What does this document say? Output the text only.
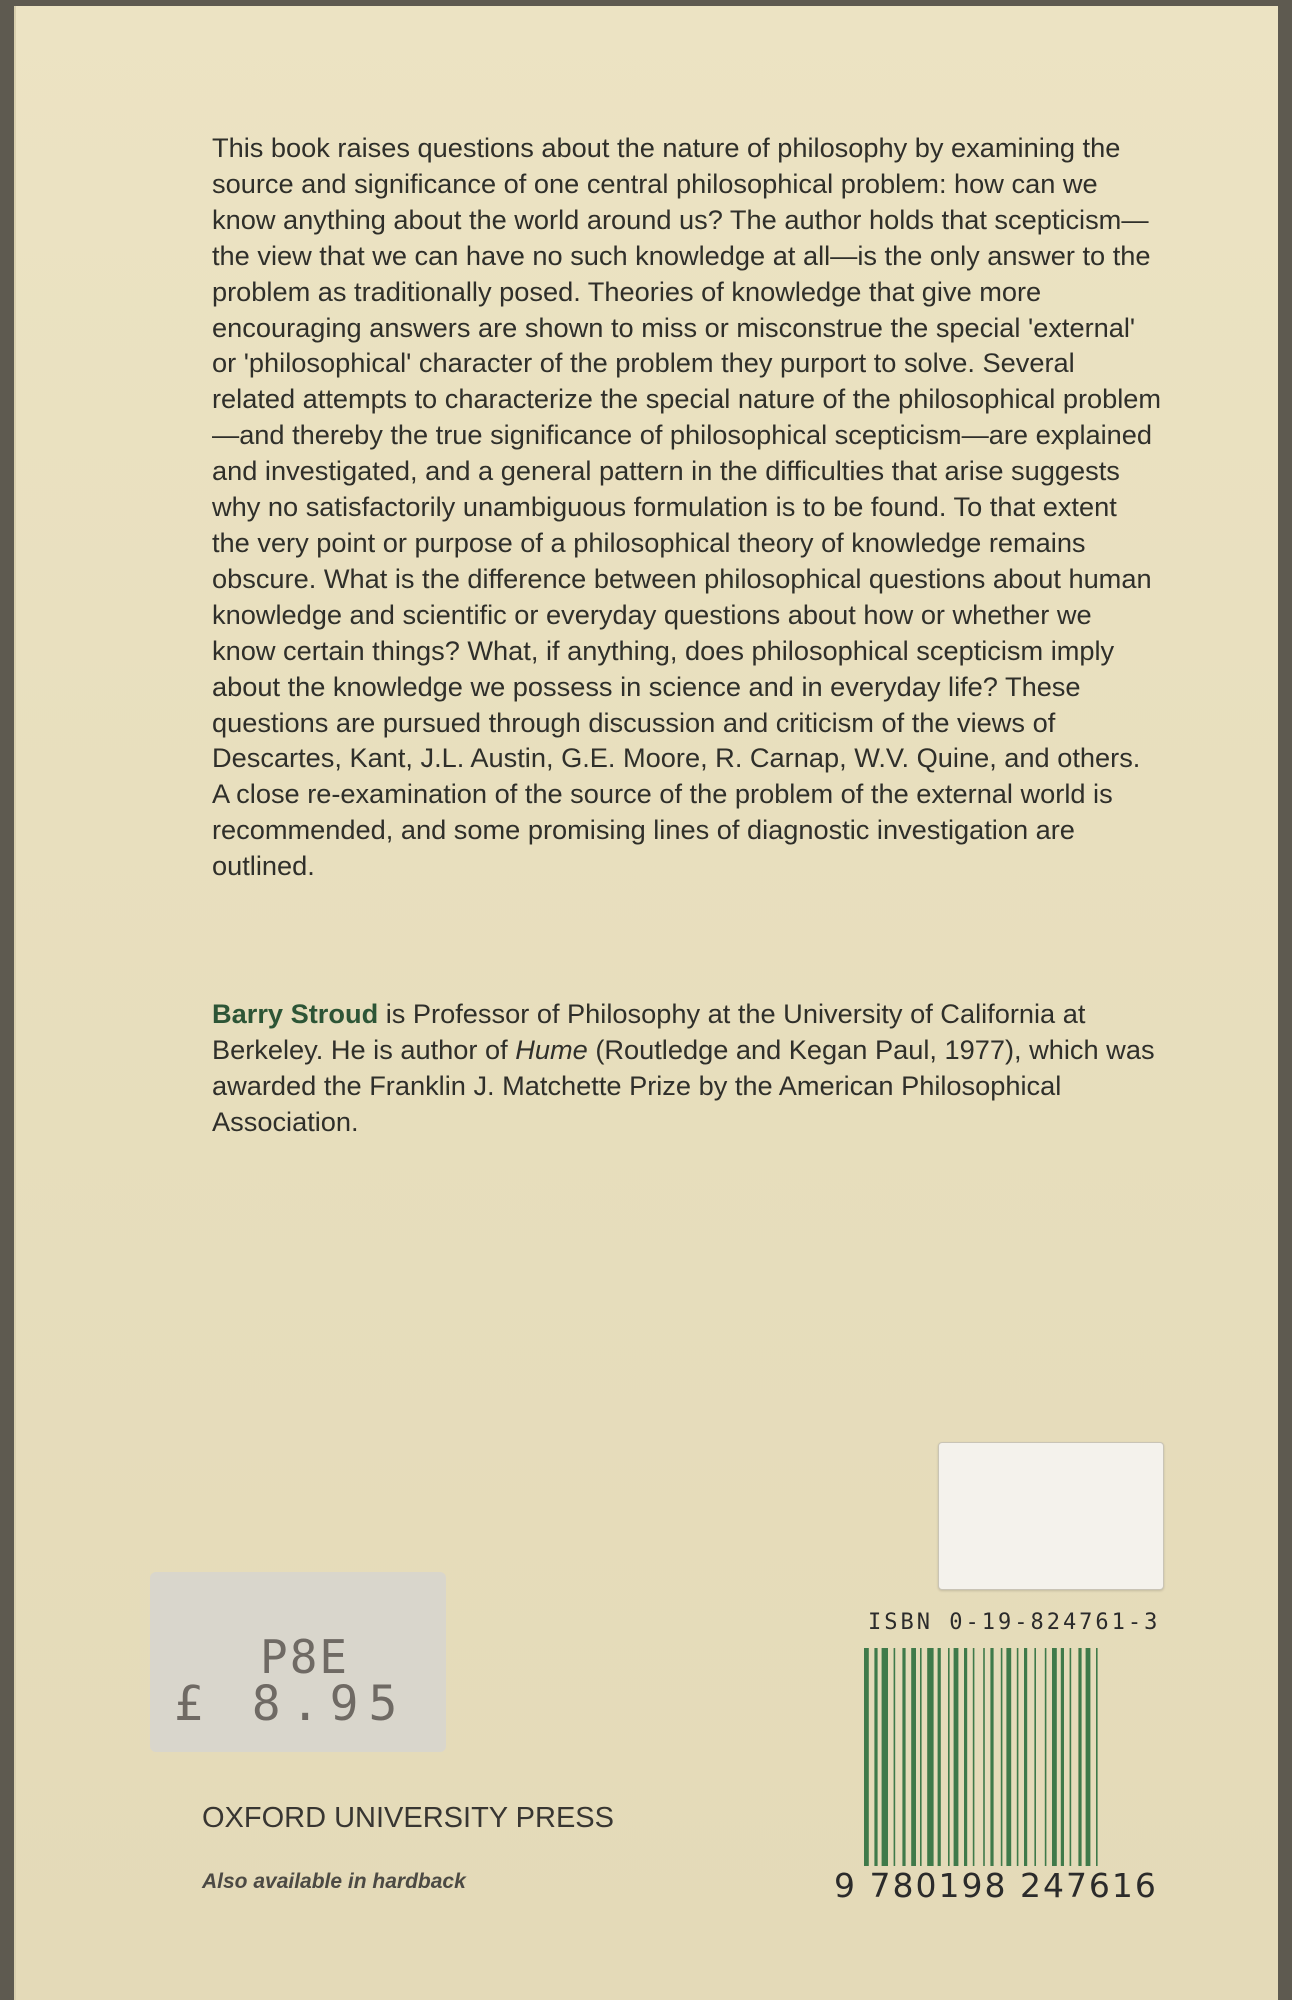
This book raises questions about the nature of philosophy by examining the source and significance of one central philosophical problem: how can we know anything about the world around us? The author holds that scepticism—the view that we can have no such knowledge at all—is the only answer to the problem as traditionally posed. Theories of knowledge that give more encouraging answers are shown to miss or misconstrue the special 'external' or 'philosophical' character of the problem they purport to solve. Several related attempts to characterize the special nature of the philosophical problem—and thereby the true significance of philosophical scepticism—are explained and investigated, and a general pattern in the difficulties that arise suggests why no satisfactorily unambiguous formulation is to be found. To that extent the very point or purpose of a philosophical theory of knowledge remains obscure. What is the difference between philosophical questions about human knowledge and scientific or everyday questions about how or whether we know certain things? What, if anything, does philosophical scepticism imply about the knowledge we possess in science and in everyday life? These questions are pursued through discussion and criticism of the views of Descartes, Kant, J.L. Austin, G.E. Moore, R. Carnap, W.V. Quine, and others. A close re-examination of the source of the problem of the external world is recommended, and some promising lines of diagnostic investigation are outlined.

Barry Stroud is Professor of Philosophy at the University of California at Berkeley. He is author of Hume (Routledge and Kegan Paul, 1977), which was awarded the Franklin J. Matchette Prize by the American Philosophical Association.

P8E
£ 8.95

OXFORD UNIVERSITY PRESS

Also available in hardback

ISBN 0-19-824761-3

9 780198 247616
